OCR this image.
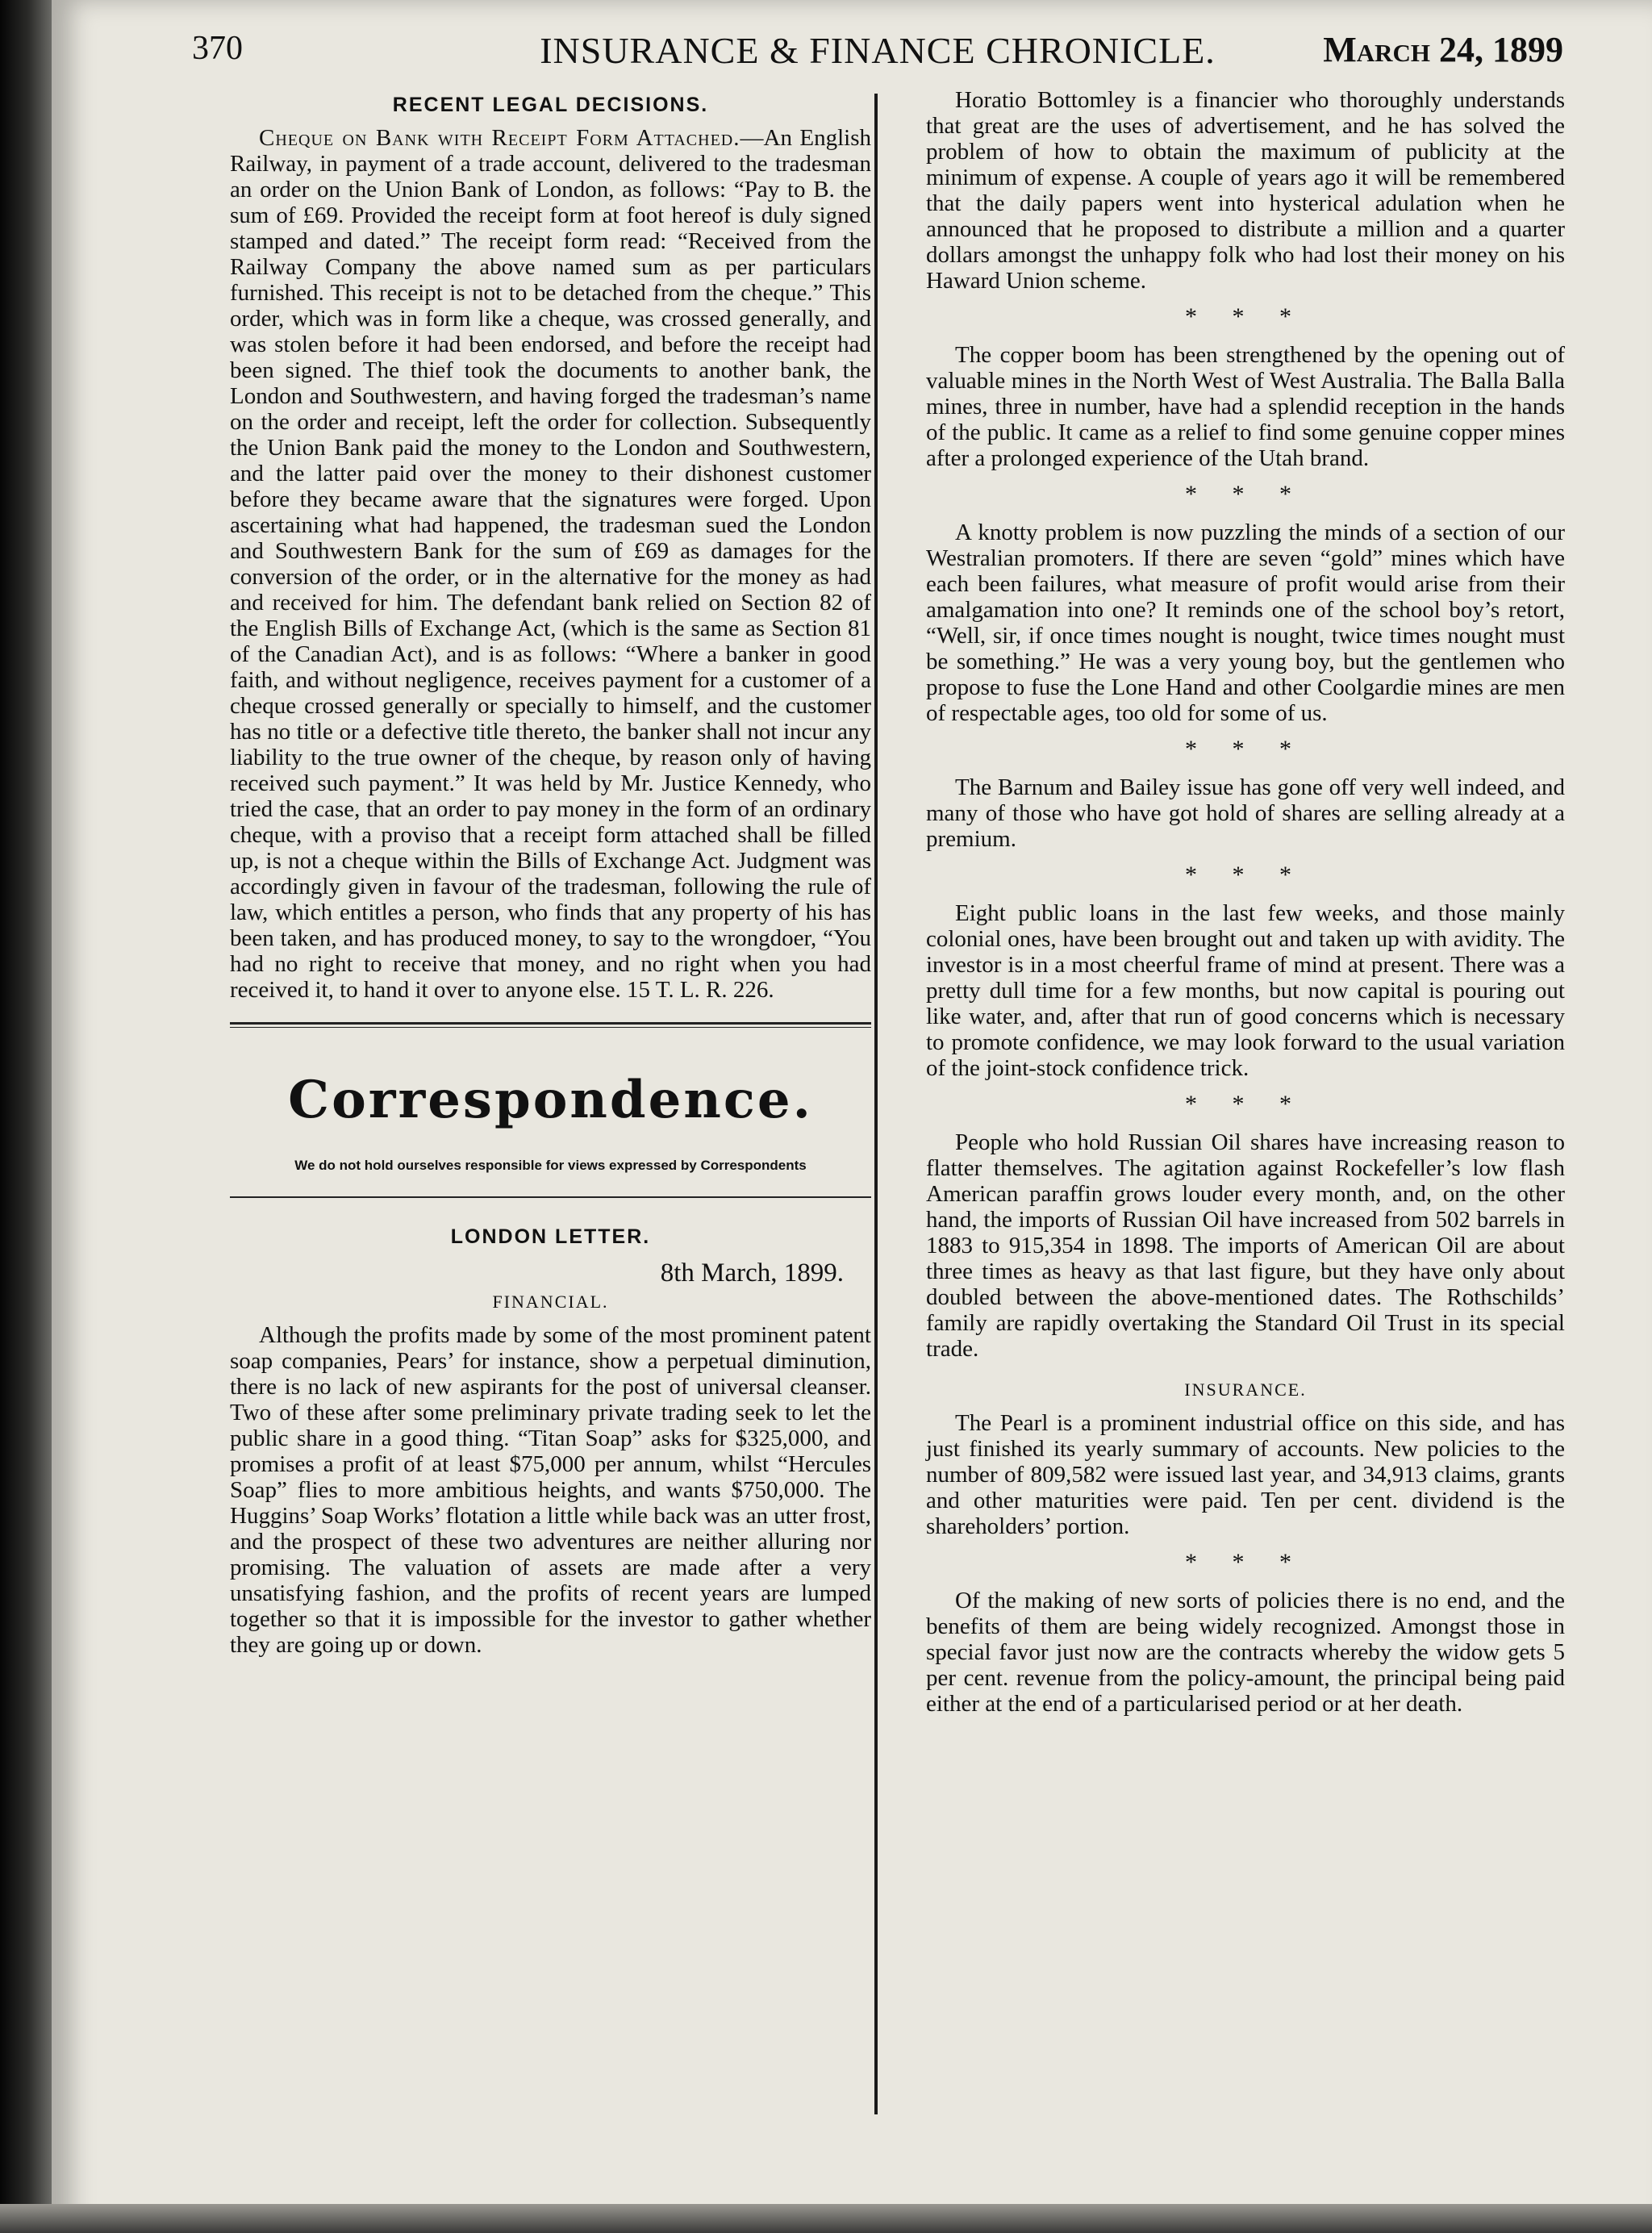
370	INSURANCE & FINANCE CHRONICLE.	March 24, 1899
RECENT LEGAL DECISIONS.

Cheque on Bank with Receipt Form Attached.—An English Railway, in payment of a trade account, delivered to the tradesman an order on the Union Bank of London, as follows: “Pay to B. the sum of £69. Provided the receipt form at foot hereof is duly signed stamped and dated.” The receipt form read: “Received from the Railway Company the above named sum as per particulars furnished. This receipt is not to be detached from the cheque.” This order, which was in form like a cheque, was crossed generally, and was stolen before it had been endorsed, and before the receipt had been signed. The thief took the documents to another bank, the London and Southwestern, and having forged the tradesman’s name on the order and receipt, left the order for collection. Subsequently the Union Bank paid the money to the London and Southwestern, and the latter paid over the money to their dishonest customer before they became aware that the signatures were forged. Upon ascertaining what had happened, the tradesman sued the London and Southwestern Bank for the sum of £69 as damages for the conversion of the order, or in the alternative for the money as had and received for him. The defendant bank relied on Section 82 of the English Bills of Exchange Act, (which is the same as Section 81 of the Canadian Act), and is as follows: “Where a banker in good faith, and without negligence, receives payment for a customer of a cheque crossed generally or specially to himself, and the customer has no title or a defective title thereto, the banker shall not incur any liability to the true owner of the cheque, by reason only of having received such payment.” It was held by Mr. Justice Kennedy, who tried the case, that an order to pay money in the form of an ordinary cheque, with a proviso that a receipt form attached shall be filled up, is not a cheque within the Bills of Exchange Act. Judgment was accordingly given in favour of the tradesman, following the rule of law, which entitles a person, who finds that any property of his has been taken, and has produced money, to say to the wrongdoer, “You had no right to receive that money, and no right when you had received it, to hand it over to anyone else. 15 T. L. R. 226.

Correspondence.
We do not hold ourselves responsible for views expressed by Correspondents
LONDON LETTER.
8th March, 1899.
FINANCIAL.

Although the profits made by some of the most prominent patent soap companies, Pears’ for instance, show a perpetual diminution, there is no lack of new aspirants for the post of universal cleanser. Two of these after some preliminary private trading seek to let the public share in a good thing. “Titan Soap” asks for $325,000, and promises a profit of at least $75,000 per annum, whilst “Hercules Soap” flies to more ambitious heights, and wants $750,000. The Huggins’ Soap Works’ flotation a little while back was an utter frost, and the prospect of these two adventures are neither alluring nor promising. The valuation of assets are made after a very unsatisfying fashion, and the profits of recent years are lumped together so that it is impossible for the investor to gather whether they are going up or down.

Horatio Bottomley is a financier who thoroughly understands that great are the uses of advertisement, and he has solved the problem of how to obtain the maximum of publicity at the minimum of expense. A couple of years ago it will be remembered that the daily papers went into hysterical adulation when he announced that he proposed to distribute a million and a quarter dollars amongst the unhappy folk who had lost their money on his Haward Union scheme.

* * *

The copper boom has been strengthened by the opening out of valuable mines in the North West of West Australia. The Balla Balla mines, three in number, have had a splendid reception in the hands of the public. It came as a relief to find some genuine copper mines after a prolonged experience of the Utah brand.

* * *

A knotty problem is now puzzling the minds of a section of our Westralian promoters. If there are seven “gold” mines which have each been failures, what measure of profit would arise from their amalgamation into one? It reminds one of the school boy’s retort, “Well, sir, if once times nought is nought, twice times nought must be something.” He was a very young boy, but the gentlemen who propose to fuse the Lone Hand and other Coolgardie mines are men of respectable ages, too old for some of us.

* * *

The Barnum and Bailey issue has gone off very well indeed, and many of those who have got hold of shares are selling already at a premium.

* * *

Eight public loans in the last few weeks, and those mainly colonial ones, have been brought out and taken up with avidity. The investor is in a most cheerful frame of mind at present. There was a pretty dull time for a few months, but now capital is pouring out like water, and, after that run of good concerns which is necessary to promote confidence, we may look forward to the usual variation of the joint-stock confidence trick.

* * *

People who hold Russian Oil shares have increasing reason to flatter themselves. The agitation against Rockefeller’s low flash American paraffin grows louder every month, and, on the other hand, the imports of Russian Oil have increased from 502 barrels in 1883 to 915,354 in 1898. The imports of American Oil are about three times as heavy as that last figure, but they have only about doubled between the above-mentioned dates. The Rothschilds’ family are rapidly overtaking the Standard Oil Trust in its special trade.

INSURANCE.

The Pearl is a prominent industrial office on this side, and has just finished its yearly summary of accounts. New policies to the number of 809,582 were issued last year, and 34,913 claims, grants and other maturities were paid. Ten per cent. dividend is the shareholders’ portion.

* * *

Of the making of new sorts of policies there is no end, and the benefits of them are being widely recognized. Amongst those in special favor just now are the contracts whereby the widow gets 5 per cent. revenue from the policy-amount, the principal being paid either at the end of a particularised period or at her death.
